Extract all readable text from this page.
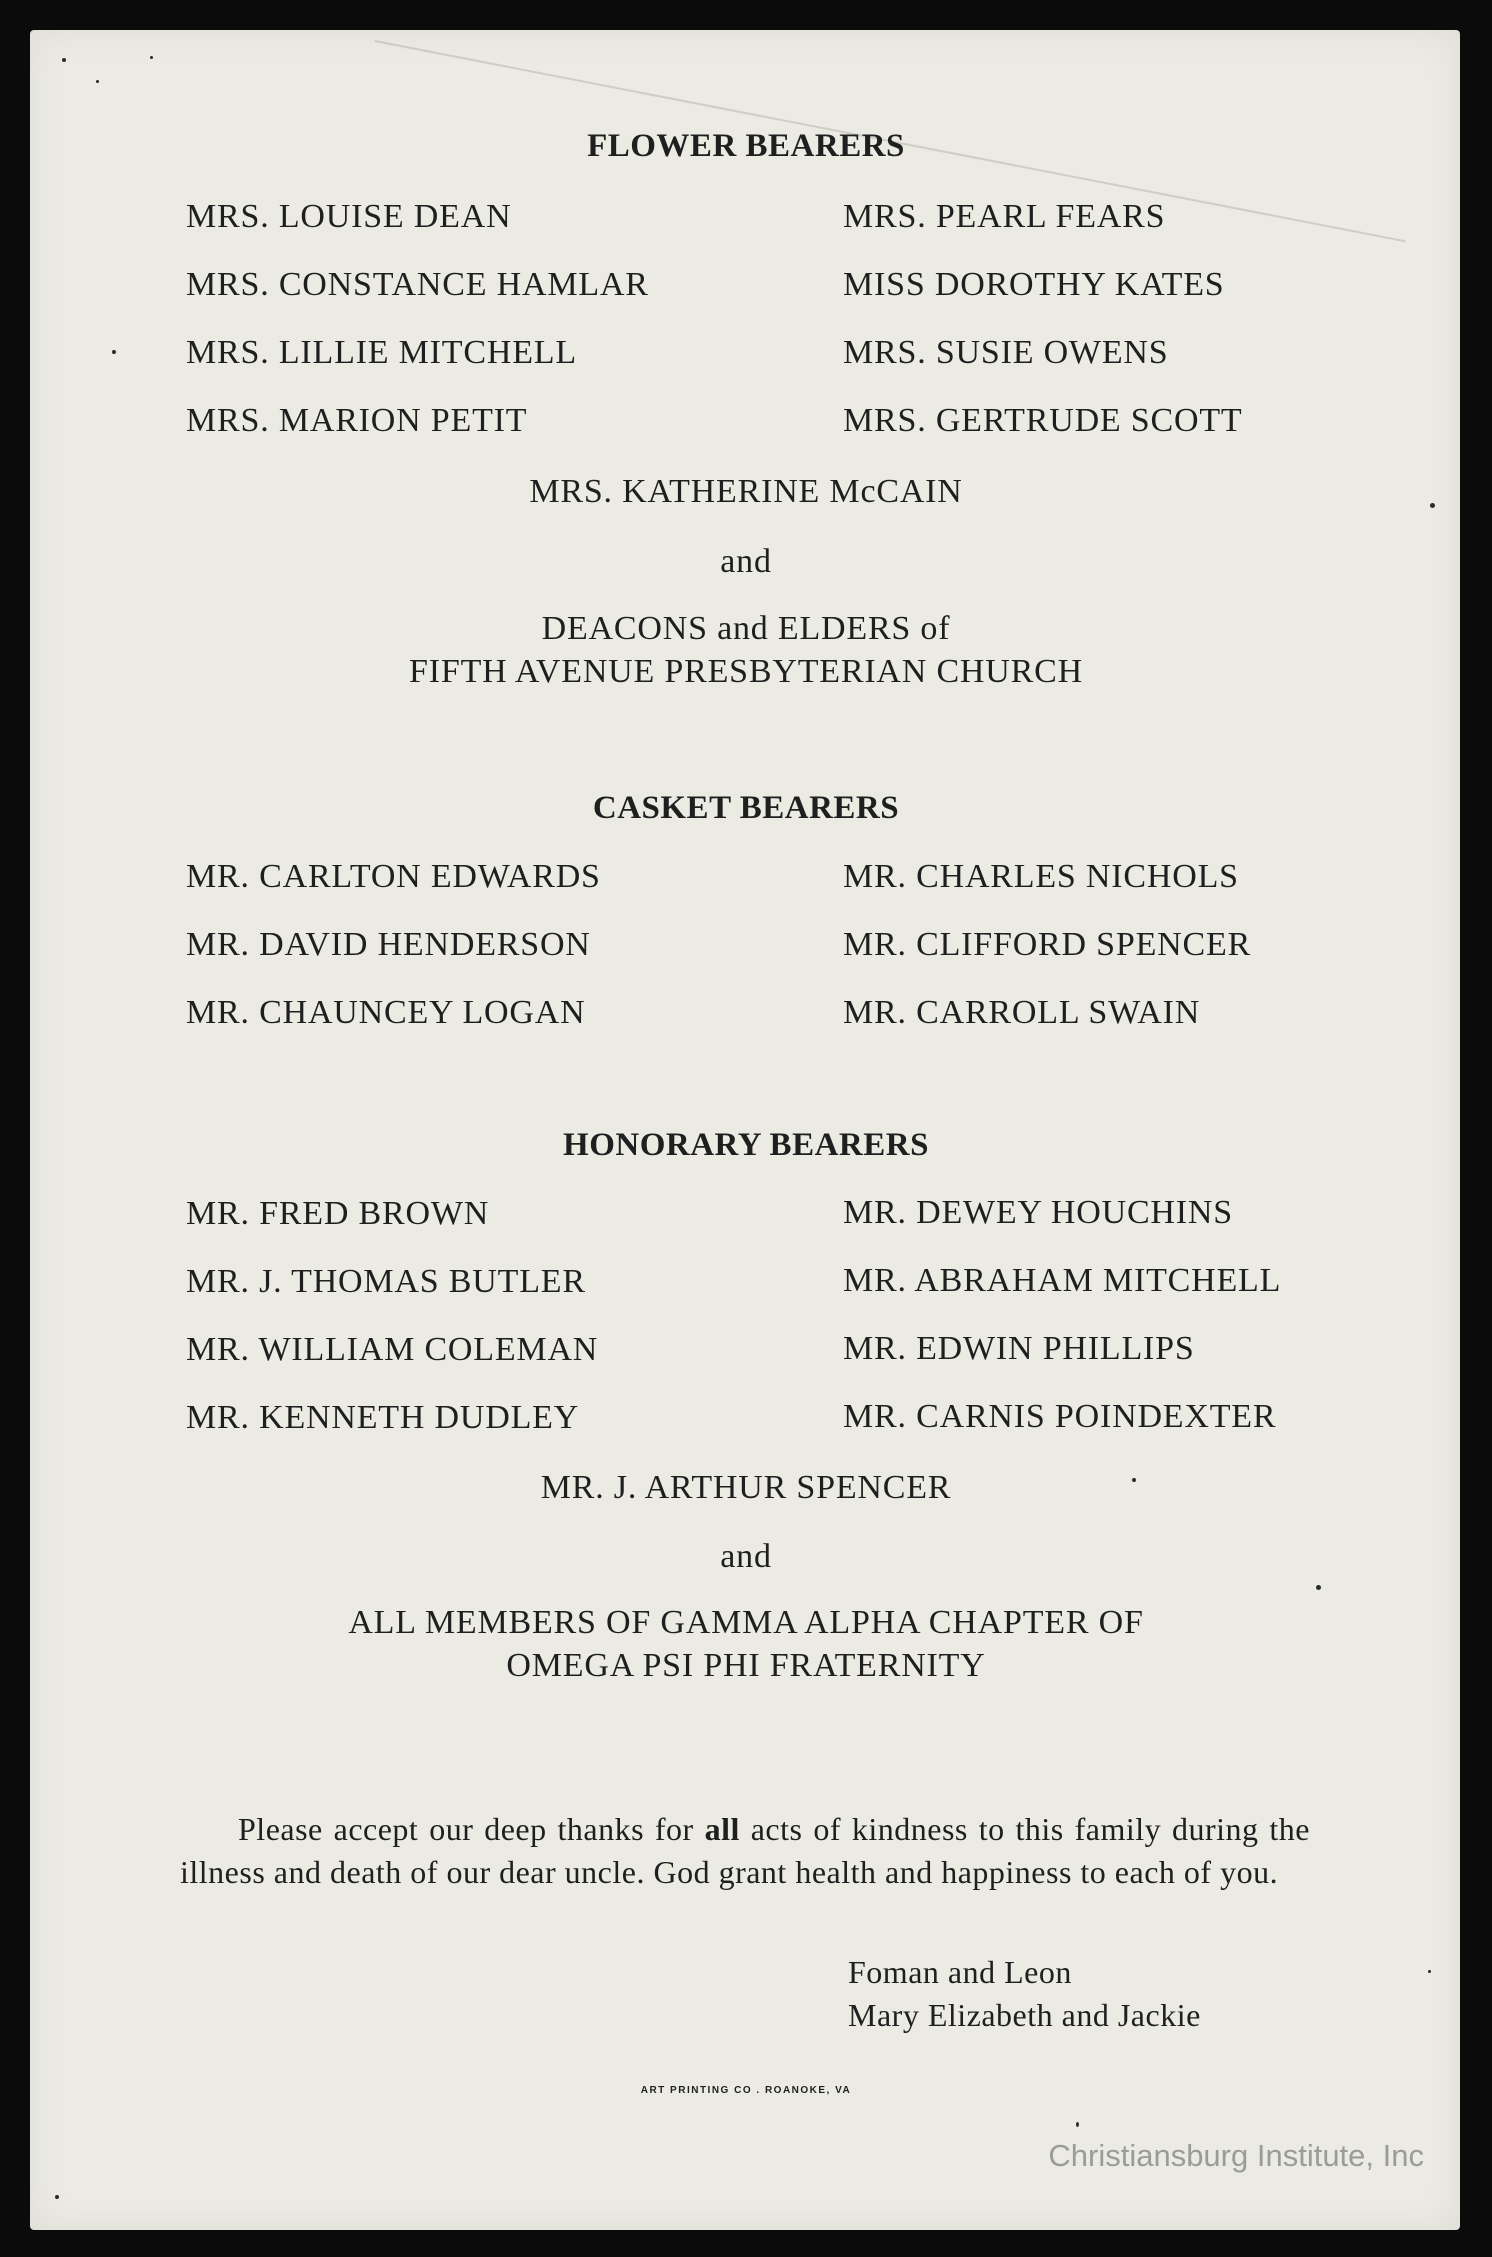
FLOWER BEARERS
MRS. LOUISE DEAN
MRS. CONSTANCE HAMLAR
MRS. LILLIE MITCHELL
MRS. MARION PETIT
MRS. PEARL FEARS
MISS DOROTHY KATES
MRS. SUSIE OWENS
MRS. GERTRUDE SCOTT
MRS. KATHERINE McCAIN
and
DEACONS and ELDERS of
FIFTH AVENUE PRESBYTERIAN CHURCH
CASKET BEARERS
MR. CARLTON EDWARDS
MR. DAVID HENDERSON
MR. CHAUNCEY LOGAN
MR. CHARLES NICHOLS
MR. CLIFFORD SPENCER
MR. CARROLL SWAIN
HONORARY BEARERS
MR. FRED BROWN
MR. J. THOMAS BUTLER
MR. WILLIAM COLEMAN
MR. KENNETH DUDLEY
MR. DEWEY HOUCHINS
MR. ABRAHAM MITCHELL
MR. EDWIN PHILLIPS
MR. CARNIS POINDEXTER
MR. J. ARTHUR SPENCER
and
ALL MEMBERS OF GAMMA ALPHA CHAPTER OF
OMEGA PSI PHI FRATERNITY
Please accept our deep thanks for all acts of kindness to this family during the illness and death of our dear uncle. God grant health and happiness to each of you.
Foman and Leon
Mary Elizabeth and Jackie
ART PRINTING CO . ROANOKE, VA
Christiansburg Institute, Inc
